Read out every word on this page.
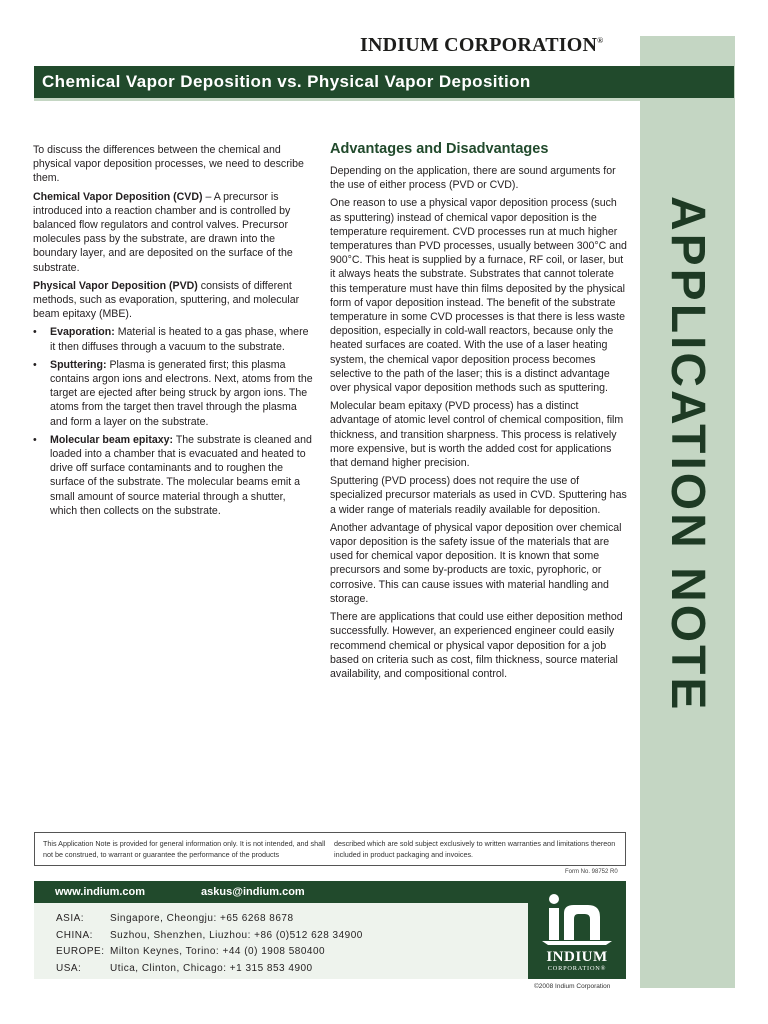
APPLICATION NOTE
INDIUM CORPORATION®
Chemical Vapor Deposition vs. Physical Vapor Deposition

To discuss the differences between the chemical and physical vapor deposition processes, we need to describe them.

Chemical Vapor Deposition (CVD) – A precursor is introduced into a reaction chamber and is controlled by balanced flow regulators and control valves. Precursor molecules pass by the substrate, are drawn into the boundary layer, and are deposited on the surface of the substrate.

Physical Vapor Deposition (PVD) consists of different methods, such as evaporation, sputtering, and molecular beam epitaxy (MBE).

• Evaporation: Material is heated to a gas phase, where it then diffuses through a vacuum to the substrate.
• Sputtering: Plasma is generated first; this plasma contains argon ions and electrons. Next, atoms from the target are ejected after being struck by argon ions. The atoms from the target then travel through the plasma and form a layer on the substrate.
• Molecular beam epitaxy: The substrate is cleaned and loaded into a chamber that is evacuated and heated to drive off surface contaminants and to roughen the surface of the substrate. The molecular beams emit a small amount of source material through a shutter, which then collects on the substrate.
Advantages and Disadvantages

Depending on the application, there are sound arguments for the use of either process (PVD or CVD).

One reason to use a physical vapor deposition process (such as sputtering) instead of chemical vapor deposition is the temperature requirement. CVD processes run at much higher temperatures than PVD processes, usually between 300°C and 900°C. This heat is supplied by a furnace, RF coil, or laser, but it always heats the substrate. Substrates that cannot tolerate this temperature must have thin films deposited by the physical form of vapor deposition instead. The benefit of the substrate temperature in some CVD processes is that there is less waste deposition, especially in cold-wall reactors, because only the heated surfaces are coated. With the use of a laser heating system, the chemical vapor deposition process becomes selective to the path of the laser; this is a distinct advantage over physical vapor deposition methods such as sputtering.

Molecular beam epitaxy (PVD process) has a distinct advantage of atomic level control of chemical composition, film thickness, and transition sharpness. This process is relatively more expensive, but is worth the added cost for applications that demand higher precision.

Sputtering (PVD process) does not require the use of specialized precursor materials as used in CVD. Sputtering has a wider range of materials readily available for deposition.

Another advantage of physical vapor deposition over chemical vapor deposition is the safety issue of the materials that are used for chemical vapor deposition. It is known that some precursors and some by-products are toxic, pyrophoric, or corrosive. This can cause issues with material handling and storage.

There are applications that could use either deposition method successfully. However, an experienced engineer could easily recommend chemical or physical vapor deposition for a job based on criteria such as cost, film thickness, source material availability, and compositional control.

This Application Note is provided for general information only. It is not intended, and shall not be construed, to warrant or guarantee the performance of the products
described which are sold subject exclusively to written warranties and limitations thereon included in product packaging and invoices.
Form No. 98752 R0
www.indium.com	askus@indium.com
ASIA:	Singapore, Cheongju: +65 6268 8678
CHINA:	Suzhou, Shenzhen, Liuzhou: +86 (0)512 628 34900
EUROPE: Milton Keynes, Torino: +44 (0) 1908 580400
USA:	Utica, Clinton, Chicago: +1 315 853 4900
INDIUM
CORPORATION®
©2008 Indium Corporation
